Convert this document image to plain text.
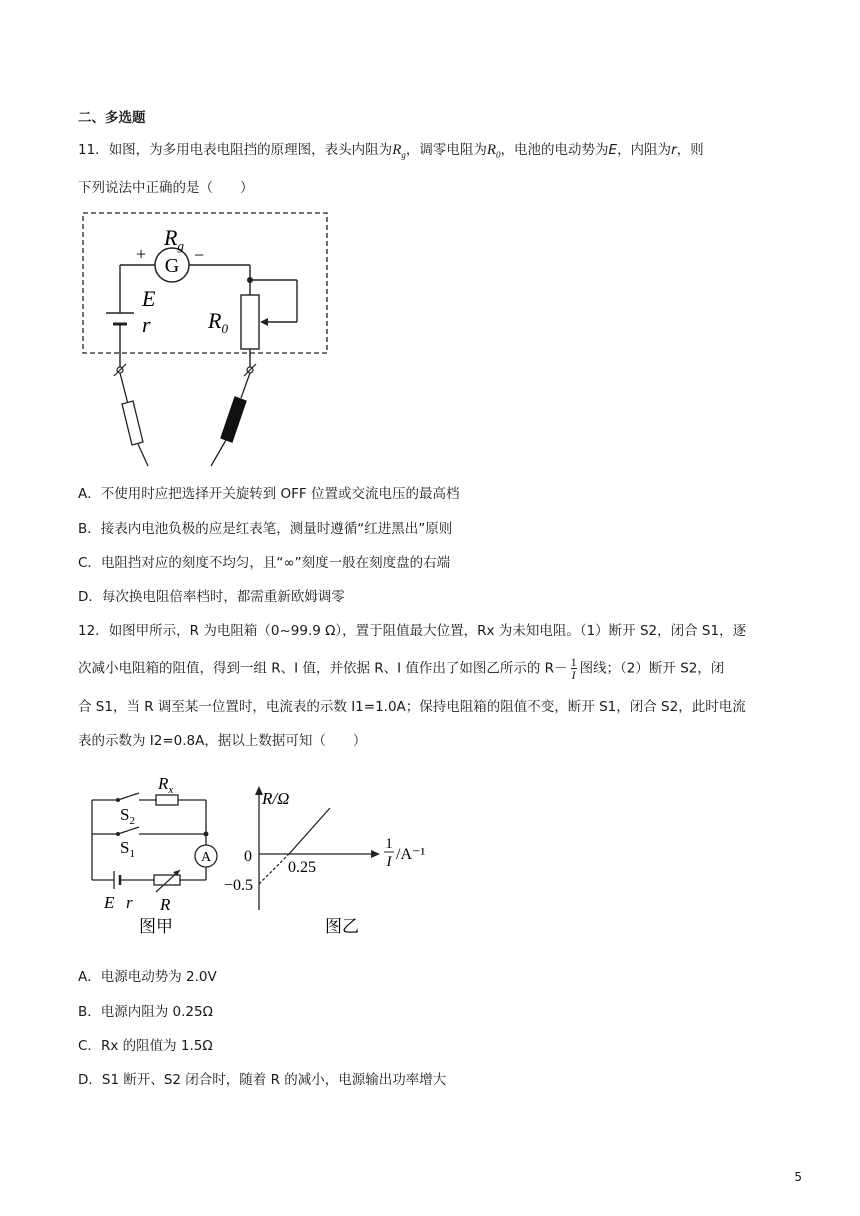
二、多选题
11．如图，为多用电表电阻挡的原理图，表头内阻为$R_g$，调零电阻为$R_0$，电池的电动势为E，内阻为r，则
下列说法中正确的是（　　）
G
+	−
$R_g$
E
r	$R_0$
A．不使用时应把选择开关旋转到 OFF 位置或交流电压的最高档
B．接表内电池负极的应是红表笔，测量时遵循“红进黑出”原则
C．电阻挡对应的刻度不均匀，且“∞”刻度一般在刻度盘的右端
D．每次换电阻倍率档时，都需重新欧姆调零
12．如图甲所示，R 为电阻箱（0~99.9 Ω），置于阻值最大位置，Rx 为未知电阻。（1）断开 S2，闭合 S1，逐
次减小电阻箱的阻值，得到一组 R、I 值，并依据 R、I 值作出了如图乙所示的 $R- \frac{1}{I}$ 图线；（2）断开 S2，闭
合 S1，当 R 调至某一位置时，电流表的示数 I1=1.0A；保持电阻箱的阻值不变，断开 S1，闭合 S2，此时电流
表的示数为 I2=0.8A，据以上数据可知（　　）
$R_x$
$S_2$
$S_1$	A
E r R
图甲
R/Ω
0
0.25
−0.5
1
I /A⁻¹
图乙
A．电源电动势为 2.0V
B．电源内阻为 0.25Ω
C．Rx 的阻值为 1.5Ω
D．S1 断开、S2 闭合时，随着 R 的减小，电源输出功率增大
5
